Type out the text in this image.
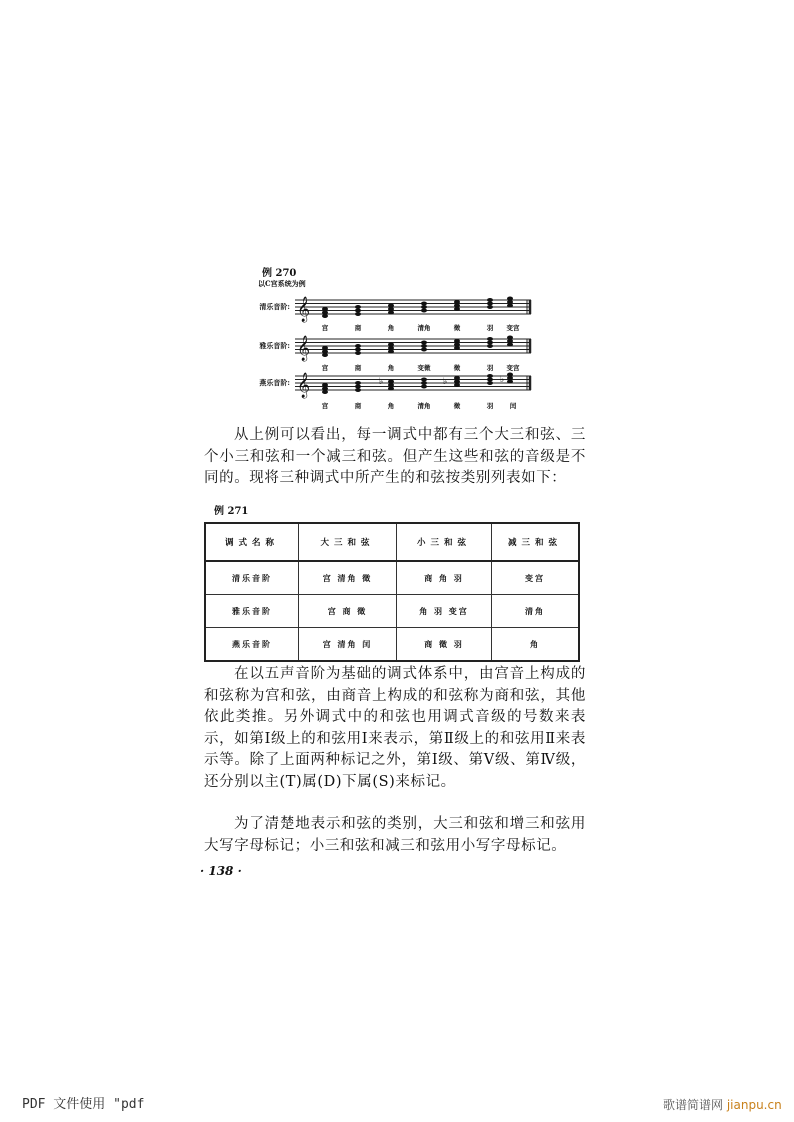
例 270
以C宫系统为例
清乐音阶: 𝄞
宫	商	角	清角	徵	羽 变宫
雅乐音阶: 𝄞
宫	商	角	变徵	徵	羽 变宫
燕乐音阶: 𝄞	♭	♭	♭
宫	商	角	清角	徵	羽	闰
从上例可以看出，每一调式中都有三个大三和弦、三个小三和弦和一个减三和弦。但产生这些和弦的音级是不同的。现将三种调式中所产生的和弦按类别列表如下：
例 271
调式名称	大三和弦	小三和弦	减三和弦
清乐音阶	宫 清角 徵	商 角 羽	变宫
雅乐音阶	宫 商 徵	角 羽 变宫	清角
燕乐音阶	宫 清角 闰	商 徵 羽	角
在以五声音阶为基础的调式体系中，由宫音上构成的和弦称为宫和弦，由商音上构成的和弦称为商和弦，其他依此类推。另外调式中的和弦也用调式音级的号数来表示，如第Ⅰ级上的和弦用Ⅰ来表示，第Ⅱ级上的和弦用Ⅱ来表示等。除了上面两种标记之外，第Ⅰ级、第Ⅴ级、第Ⅳ级，还分别以主(T)属(D)下属(S)来标记。
为了清楚地表示和弦的类别，大三和弦和增三和弦用大写字母标记；小三和弦和减三和弦用小写字母标记。
· 138 ·
PDF 文件使用 "pdf	歌谱简谱网 jianpu.cn
